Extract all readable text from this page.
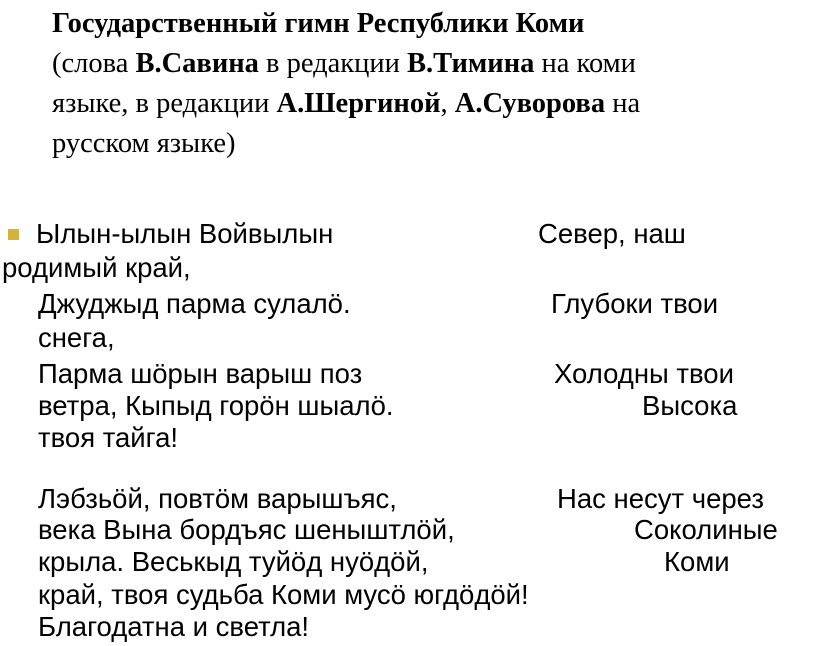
Государственный гимн Республики Коми
(слова В.Савина в редакции В.Тимина на коми
языке, в редакции А.Шергиной, А.Суворова на
русском языке)
Ылын-ылын Войвылын	Север, наш
родимый край,
Джуджыд парма сулалӧ.	Глубоки твои
снега,
Парма шӧрын варыш поз	Холодны твои
ветра, Кыпыд горӧн шыалӧ.	Высока
твоя тайга!
Лэбзьӧй, повтӧм варышъяс,	Нас несут через
века Вына бордъяс шеныштлӧй,	Соколиные
крыла. Веськыд туйӧд нуӧдӧй,	Коми
край, твоя судьба Коми мусӧ югдӧдӧй!
Благодатна и светла!
